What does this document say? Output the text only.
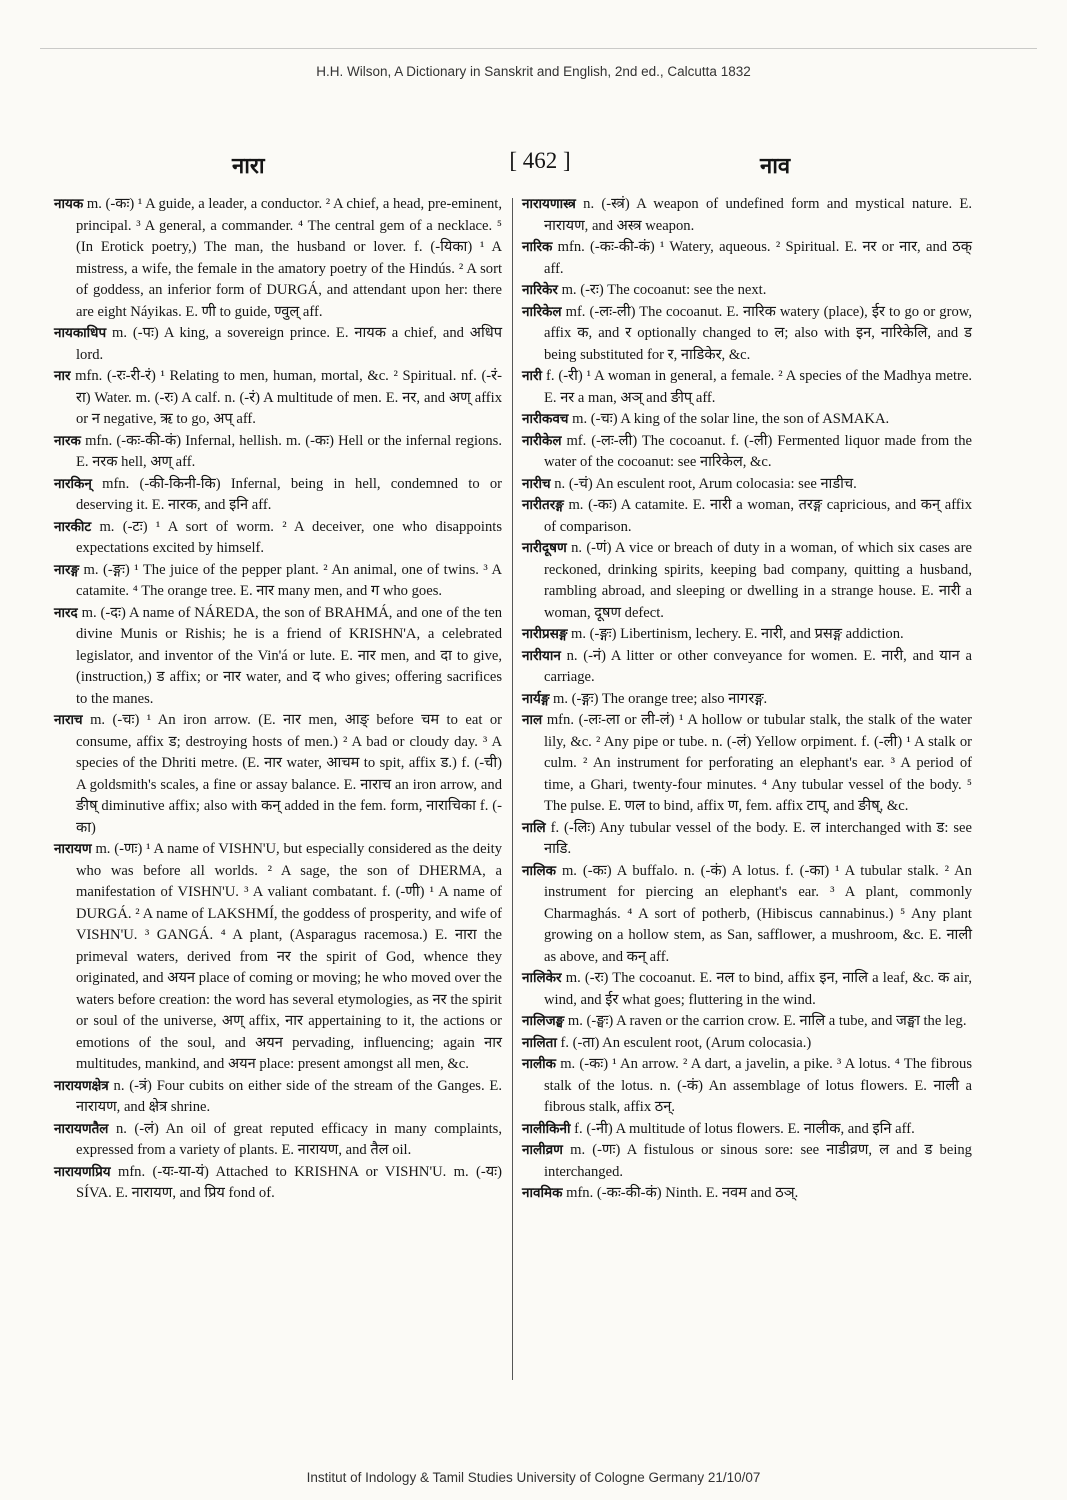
H.H. Wilson, A Dictionary in Sanskrit and English, 2nd ed., Calcutta 1832
नारा	[ 462 ]	नाव
नायक m. (-कः) ¹ A guide, a leader, a conductor. ² A chief, a head, pre-eminent, principal. ³ A general, a commander. ⁴ The central gem of a necklace. ⁵ (In Erotick poetry,) The man, the husband or lover. f. (-यिका) ¹ A mistress, a wife, the female in the amatory poetry of the Hindús. ² A sort of goddess, an inferior form of DURGÁ, and attendant upon her: there are eight Náyikas. E. णी to guide, ण्वुल् aff.
नायकाधिप m. (-पः) A king, a sovereign prince. E. नायक a chief, and अधिप lord.
नार mfn. (-रः-री-रं) ¹ Relating to men, human, mortal, &c. ² Spiritual. nf. (-रं-रा) Water. m. (-रः) A calf. n. (-रं) A multitude of men. E. नर, and अण् affix or न negative, ऋ to go, अप् aff.
नारक mfn. (-कः-की-कं) Infernal, hellish. m. (-कः) Hell or the infernal regions. E. नरक hell, अण् aff.
नारकिन् mfn. (-की-किनी-कि) Infernal, being in hell, condemned to or deserving it. E. नारक, and इनि aff.
नारकीट m. (-टः) ¹ A sort of worm. ² A deceiver, one who disappoints expectations excited by himself.
नारङ्ग m. (-ङ्गः) ¹ The juice of the pepper plant. ² An animal, one of twins. ³ A catamite. ⁴ The orange tree. E. नार many men, and ग who goes.
नारद m. (-दः) A name of NÁREDA, the son of BRAHMÁ, and one of the ten divine Munis or Rishis; he is a friend of KRISHN'A, a celebrated legislator, and inventor of the Vin'á or lute. E. नार men, and दा to give, (instruction,) ड affix; or नार water, and द who gives; offering sacrifices to the manes.
नाराच m. (-चः) ¹ An iron arrow. (E. नार men, आङ् before चम to eat or consume, affix ड; destroying hosts of men.) ² A bad or cloudy day. ³ A species of the Dhriti metre. (E. नार water, आचम to spit, affix ड.) f. (-ची) A goldsmith's scales, a fine or assay balance. E. नाराच an iron arrow, and ङीष् diminutive affix; also with कन् added in the fem. form, नाराचिका f. (-का)
नारायण m. (-णः) ¹ A name of VISHN'U, but especially considered as the deity who was before all worlds. ² A sage, the son of DHERMA, a manifestation of VISHN'U. ³ A valiant combatant. f. (-णी) ¹ A name of DURGÁ. ² A name of LAKSHMÍ, the goddess of prosperity, and wife of VISHN'U. ³ GANGÁ. ⁴ A plant, (Asparagus racemosa.) E. नारा the primeval waters, derived from नर the spirit of God, whence they originated, and अयन place of coming or moving; he who moved over the waters before creation: the word has several etymologies, as नर the spirit or soul of the universe, अण् affix, नार appertaining to it, the actions or emotions of the soul, and अयन pervading, influencing; again नार multitudes, mankind, and अयन place: present amongst all men, &c.
नारायणक्षेत्र n. (-त्रं) Four cubits on either side of the stream of the Ganges. E. नारायण, and क्षेत्र shrine.
नारायणतैल n. (-लं) An oil of great reputed efficacy in many complaints, expressed from a variety of plants. E. नारायण, and तैल oil.
नारायणप्रिय mfn. (-यः-या-यं) Attached to KRISHNA or VISHN'U. m. (-यः) SÍVA. E. नारायण, and प्रिय fond of.
नारायणास्त्र n. (-स्त्रं) A weapon of undefined form and mystical nature. E. नारायण, and अस्त्र weapon.
नारिक mfn. (-कः-की-कं) ¹ Watery, aqueous. ² Spiritual. E. नर or नार, and ठक् aff.
नारिकेर m. (-रः) The cocoanut: see the next.
नारिकेल mf. (-लः-ली) The cocoanut. E. नारिक watery (place), ईर to go or grow, affix क, and र optionally changed to ल; also with इन, नारिकेलि, and ड being substituted for र, नाडिकेर, &c.
नारी f. (-री) ¹ A woman in general, a female. ² A species of the Madhya metre. E. नर a man, अञ् and ङीप् aff.
नारीकवच m. (-चः) A king of the solar line, the son of ASMAKA.
नारीकेल mf. (-लः-ली) The cocoanut. f. (-ली) Fermented liquor made from the water of the cocoanut: see नारिकेल, &c.
नारीच n. (-चं) An esculent root, Arum colocasia: see नाडीच.
नारीतरङ्ग m. (-कः) A catamite. E. नारी a woman, तरङ्ग capricious, and कन् affix of comparison.
नारीदूषण n. (-णं) A vice or breach of duty in a woman, of which six cases are reckoned, drinking spirits, keeping bad company, quitting a husband, rambling abroad, and sleeping or dwelling in a strange house. E. नारी a woman, दूषण defect.
नारीप्रसङ्ग m. (-ङ्गः) Libertinism, lechery. E. नारी, and प्रसङ्ग addiction.
नारीयान n. (-नं) A litter or other conveyance for women. E. नारी, and यान a carriage.
नार्यङ्ग m. (-ङ्गः) The orange tree; also नागरङ्ग.
नाल mfn. (-लः-ला or ली-लं) ¹ A hollow or tubular stalk, the stalk of the water lily, &c. ² Any pipe or tube. n. (-लं) Yellow orpiment. f. (-ली) ¹ A stalk or culm. ² An instrument for perforating an elephant's ear. ³ A period of time, a Ghari, twenty-four minutes. ⁴ Any tubular vessel of the body. ⁵ The pulse. E. णल to bind, affix ण, fem. affix टाप्, and ङीष्, &c.
नालि f. (-लिः) Any tubular vessel of the body. E. ल interchanged with ड: see नाडि.
नालिक m. (-कः) A buffalo. n. (-कं) A lotus. f. (-का) ¹ A tubular stalk. ² An instrument for piercing an elephant's ear. ³ A plant, commonly Charmaghás. ⁴ A sort of potherb, (Hibiscus cannabinus.) ⁵ Any plant growing on a hollow stem, as San, safflower, a mushroom, &c. E. नाली as above, and कन् aff.
नालिकेर m. (-रः) The cocoanut. E. नल to bind, affix इन, नालि a leaf, &c. क air, wind, and ईर what goes; fluttering in the wind.
नालिजङ्घ m. (-ङ्घः) A raven or the carrion crow. E. नालि a tube, and जङ्घा the leg.
नालिता f. (-ता) An esculent root, (Arum colocasia.)
नालीक m. (-कः) ¹ An arrow. ² A dart, a javelin, a pike. ³ A lotus. ⁴ The fibrous stalk of the lotus. n. (-कं) An assemblage of lotus flowers. E. नाली a fibrous stalk, affix ठन्.
नालीकिनी f. (-नी) A multitude of lotus flowers. E. नालीक, and इनि aff.
नालीव्रण m. (-णः) A fistulous or sinous sore: see नाडीव्रण, ल and ड being interchanged.
नावमिक mfn. (-कः-की-कं) Ninth. E. नवम and ठञ्.
Institut of Indology & Tamil Studies University of Cologne Germany 21/10/07
